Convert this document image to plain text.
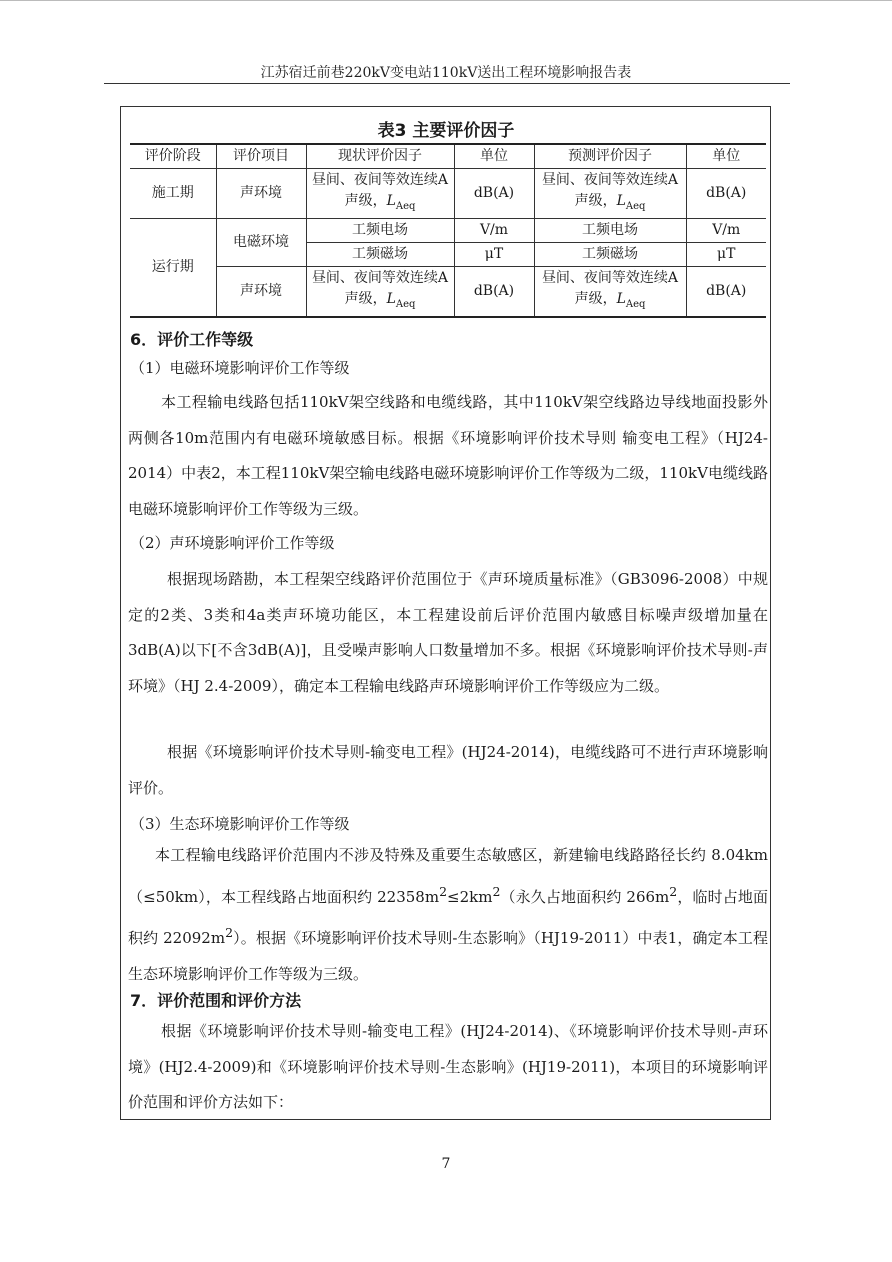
江苏宿迁前巷220kV变电站110kV送出工程环境影响报告表
表3 主要评价因子
评价阶段	评价项目	现状评价因子	单位	预测评价因子	单位
施工期	声环境	昼间、夜间等效连续A声级，$L_{Aeq}$	dB(A)	昼间、夜间等效连续A声级，$L_{Aeq}$	dB(A)
运行期	电磁环境	工频电场	V/m	工频电场	V/m
		工频磁场	μT	工频磁场	μT
	声环境	昼间、夜间等效连续A声级，$L_{Aeq}$	dB(A)	昼间、夜间等效连续A声级，$L_{Aeq}$	dB(A)
6．评价工作等级
（1）电磁环境影响评价工作等级

本工程输电线路包括110kV架空线路和电缆线路，其中110kV架空线路边导线地面投影外两侧各10m范围内有电磁环境敏感目标。根据《环境影响评价技术导则 输变电工程》（HJ24-2014）中表2，本工程110kV架空输电线路电磁环境影响评价工作等级为二级，110kV电缆线路电磁环境影响评价工作等级为三级。

（2）声环境影响评价工作等级

根据现场踏勘，本工程架空线路评价范围位于《声环境质量标准》（GB3096-2008）中规定的2类、3类和4a类声环境功能区，本工程建设前后评价范围内敏感目标噪声级增加量在3dB(A)以下[不含3dB(A)]，且受噪声影响人口数量增加不多。根据《环境影响评价技术导则-声环境》（HJ 2.4-2009），确定本工程输电线路声环境影响评价工作等级应为二级。

根据《环境影响评价技术导则-输变电工程》(HJ24-2014)，电缆线路可不进行声环境影响评价。

（3）生态环境影响评价工作等级

本工程输电线路评价范围内不涉及特殊及重要生态敏感区，新建输电线路路径长约 8.04km（≤50km），本工程线路占地面积约 $22358m^2\le 2km^2$（永久占地面积约 $266m^2$，临时占地面积约 $22092m^2$）。根据《环境影响评价技术导则-生态影响》（HJ19-2011）中表1，确定本工程生态环境影响评价工作等级为三级。

7．评价范围和评价方法

根据《环境影响评价技术导则-输变电工程》(HJ24-2014)、《环境影响评价技术导则-声环境》(HJ2.4-2009)和《环境影响评价技术导则-生态影响》(HJ19-2011)，本项目的环境影响评价范围和评价方法如下：

7
